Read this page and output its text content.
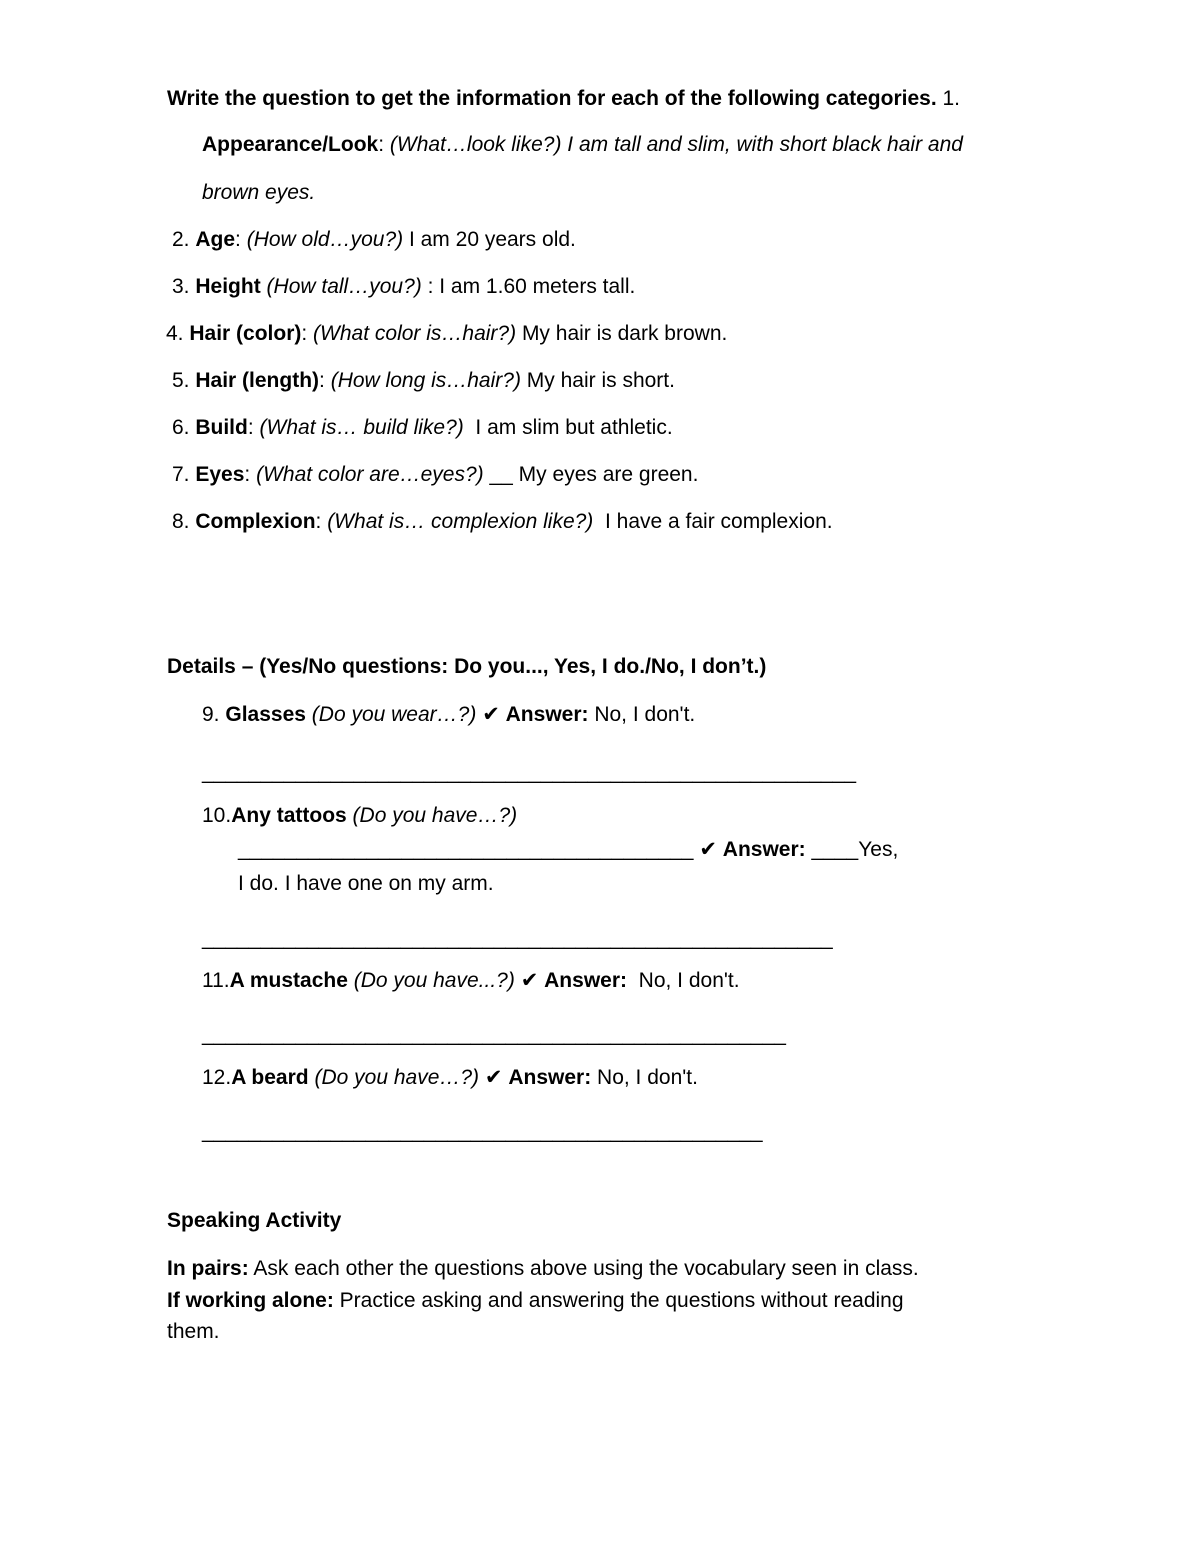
Write the question to get the information for each of the following categories. 1.
Appearance/Look: (What…look like?) I am tall and slim, with short black hair and
brown eyes.
2. Age: (How old…you?) I am 20 years old.
3. Height (How tall…you?) : I am 1.60 meters tall.
4. Hair (color): (What color is…hair?) My hair is dark brown.
5. Hair (length): (How long is…hair?) My hair is short.
6. Build: (What is… build like?)  I am slim but athletic.
7. Eyes: (What color are…eyes?) __ My eyes are green.
8. Complexion: (What is… complexion like?)  I have a fair complexion.
Details – (Yes/No questions: Do you..., Yes, I do./No, I don’t.)
9. Glasses (Do you wear…?) ✔ Answer: No, I don't.
________________________________________________________
10.Any tattoos (Do you have…?)
_______________________________________ ✔ Answer: ____Yes,
I do. I have one on my arm.
______________________________________________________
11.A mustache (Do you have...?) ✔ Answer:  No, I don't.
__________________________________________________
12.A beard (Do you have…?) ✔ Answer: No, I don't.
________________________________________________
Speaking Activity
In pairs: Ask each other the questions above using the vocabulary seen in class.
If working alone: Practice asking and answering the questions without reading
them.
